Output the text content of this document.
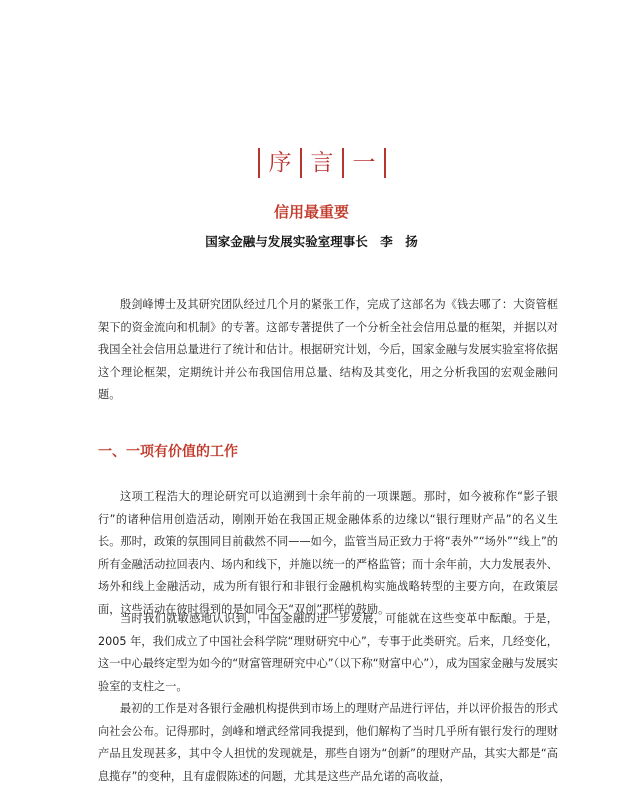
序 言 一
信用最重要
国家金融与发展实验室理事长　李　扬
殷剑峰博士及其研究团队经过几个月的紧张工作，完成了这部名为《钱去哪了：大资管框架下的资金流向和机制》的专著。这部专著提供了一个分析全社会信用总量的框架，并据以对我国全社会信用总量进行了统计和估计。根据研究计划，今后，国家金融与发展实验室将依据这个理论框架，定期统计并公布我国信用总量、结构及其变化，用之分析我国的宏观金融问题。
一、一项有价值的工作
这项工程浩大的理论研究可以追溯到十余年前的一项课题。那时，如今被称作“影子银行”的诸种信用创造活动，刚刚开始在我国正规金融体系的边缘以“银行理财产品”的名义生长。那时，政策的氛围同目前截然不同——如今，监管当局正致力于将“表外”“场外”“线上”的所有金融活动拉回表内、场内和线下，并施以统一的严格监管；而十余年前，大力发展表外、场外和线上金融活动，成为所有银行和非银行金融机构实施战略转型的主要方向，在政策层面，这些活动在彼时得到的是如同今天“双创”那样的鼓励。
当时我们就敏感地认识到，中国金融的进一步发展，可能就在这些变革中酝酿。于是，2005 年，我们成立了中国社会科学院“理财研究中心”，专事于此类研究。后来，几经变化，这一中心最终定型为如今的“财富管理研究中心”（以下称“财富中心”），成为国家金融与发展实验室的支柱之一。
最初的工作是对各银行金融机构提供到市场上的理财产品进行评估，并以评价报告的形式向社会公布。记得那时，剑峰和增武经常同我提到，他们解构了当时几乎所有银行发行的理财产品且发现甚多，其中令人担忧的发现就是，那些自诩为“创新”的理财产品，其实大都是“高息揽存”的变种，且有虚假陈述的问题，尤其是这些产品允诺的高收益，
